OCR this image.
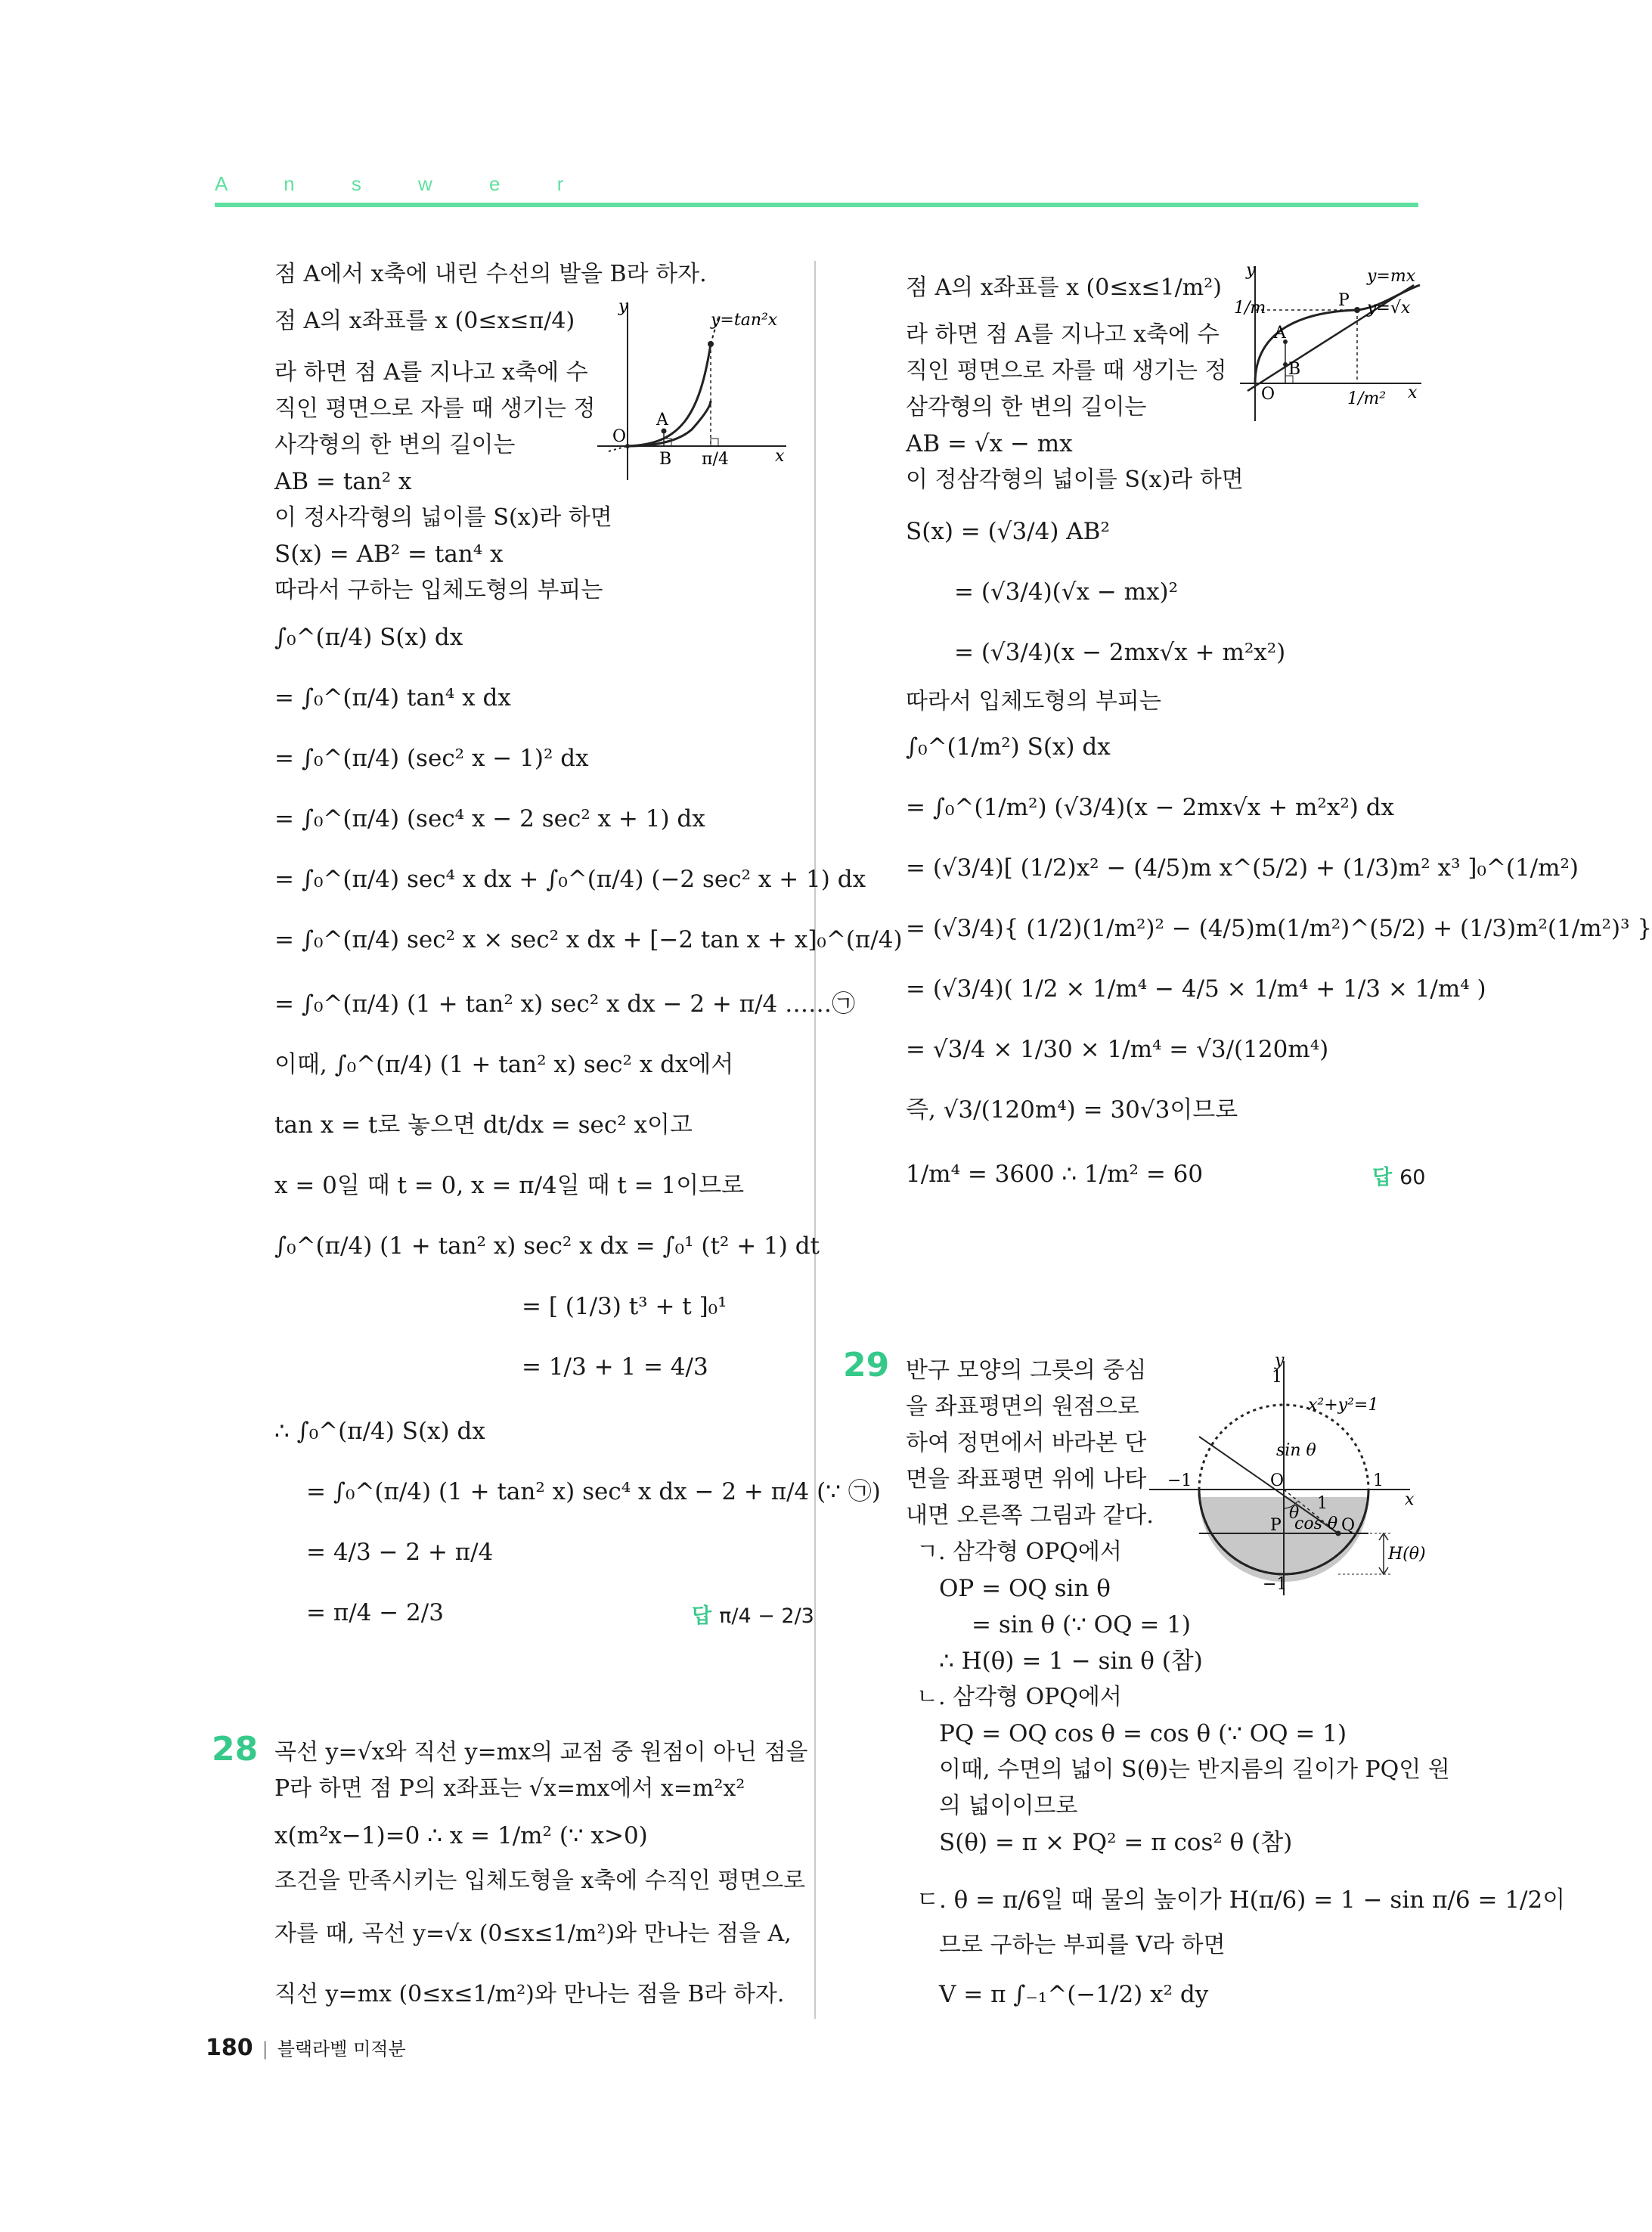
A n s w e r
점 A에서 x축에 내린 수선의 발을 B라 하자.
점 A의 x좌표를 x (0≤x≤π/4)
라 하면 점 A를 지나고 x축에 수
직인 평면으로 자를 때 생기는 정
사각형의 한 변의 길이는
AB = tan² x
이 정사각형의 넓이를 S(x)라 하면
S(x) = AB² = tan⁴ x
따라서 구하는 입체도형의 부피는
∫₀^(π/4) S(x) dx
= ∫₀^(π/4) tan⁴ x dx
= ∫₀^(π/4) (sec² x − 1)² dx
= ∫₀^(π/4) (sec⁴ x − 2 sec² x + 1) dx
= ∫₀^(π/4) sec⁴ x dx + ∫₀^(π/4) (−2 sec² x + 1) dx
= ∫₀^(π/4) sec² x × sec² x dx + [−2 tan x + x]₀^(π/4)
= ∫₀^(π/4) (1 + tan² x) sec² x dx − 2 + π/4 ……㉠
이때, ∫₀^(π/4) (1 + tan² x) sec² x dx에서
tan x = t로 놓으면 dt/dx = sec² x이고
x = 0일 때 t = 0, x = π/4일 때 t = 1이므로
∫₀^(π/4) (1 + tan² x) sec² x dx = ∫₀¹ (t² + 1) dt
= [ (1/3) t³ + t ]₀¹
= 1/3 + 1 = 4/3
∴ ∫₀^(π/4) S(x) dx
= ∫₀^(π/4) (1 + tan² x) sec⁴ x dx − 2 + π/4 (∵ ㉠)
= 4/3 − 2 + π/4
= π/4 − 2/3	답 π/4 − 2/3
y=tan²x
O
A
B π/4	x
y
28 곡선 y=√x와 직선 y=mx의 교점 중 원점이 아닌 점을
P라 하면 점 P의 x좌표는 √x=mx에서 x=m²x²
x(m²x−1)=0 ∴ x = 1/m² (∵ x>0)
조건을 만족시키는 입체도형을 x축에 수직인 평면으로
자를 때, 곡선 y=√x (0≤x≤1/m²)와 만나는 점을 A,
직선 y=mx (0≤x≤1/m²)와 만나는 점을 B라 하자.
점 A의 x좌표를 x (0≤x≤1/m²)
라 하면 점 A를 지나고 x축에 수
직인 평면으로 자를 때 생기는 정
삼각형의 한 변의 길이는
AB = √x − mx
이 정삼각형의 넓이를 S(x)라 하면
S(x) = (√3/4) AB²
= (√3/4)(√x − mx)²
= (√3/4)(x − 2mx√x + m²x²)
따라서 입체도형의 부피는
∫₀^(1/m²) S(x) dx
= ∫₀^(1/m²) (√3/4)(x − 2mx√x + m²x²) dx
= (√3/4)[ (1/2)x² − (4/5)m x^(5/2) + (1/3)m² x³ ]₀^(1/m²)
= (√3/4){ (1/2)(1/m²)² − (4/5)m(1/m²)^(5/2) + (1/3)m²(1/m²)³ }
= (√3/4)( 1/2 × 1/m⁴ − 4/5 × 1/m⁴ + 1/3 × 1/m⁴ )
= √3/4 × 1/30 × 1/m⁴ = √3/(120m⁴)
즉, √3/(120m⁴) = 30√3이므로
1/m⁴ = 3600 ∴ 1/m² = 60	답 60
y=mx
y=√x
P
A
B
O
1/m
1/m² x
y
29 반구 모양의 그릇의 중심
을 좌표평면의 원점으로
하여 정면에서 바라본 단
면을 좌표평면 위에 나타
내면 오른쪽 그림과 같다.
ㄱ. 삼각형 OPQ에서
OP = OQ sin θ
= sin θ (∵ OQ = 1)
∴ H(θ) = 1 − sin θ (참)
ㄴ. 삼각형 OPQ에서
PQ = OQ cos θ = cos θ (∵ OQ = 1)
이때, 수면의 넓이 S(θ)는 반지름의 길이가 PQ인 원
의 넓이이므로
S(θ) = π × PQ² = π cos² θ (참)
ㄷ. θ = π/6일 때 물의 높이가 H(π/6) = 1 − sin π/6 = 1/2이
므로 구하는 부피를 V라 하면
V = π ∫₋₁^(−1/2) x² dy
x²+y²=1
sin θ
cos θ
H(θ)
θ
1
1
1
−1
−1
O
P	Q
x
y
180 | 블랙라벨 미적분
